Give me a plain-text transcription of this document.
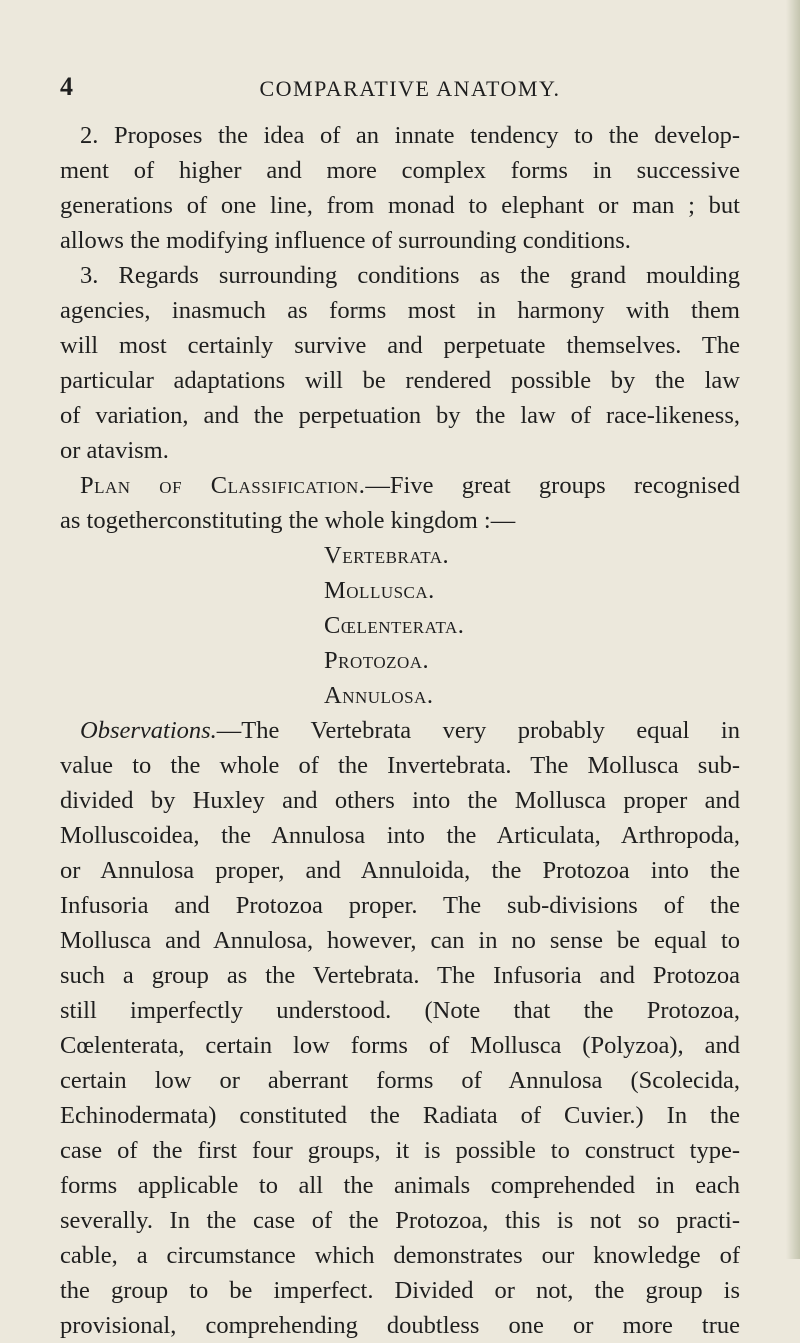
4	COMPARATIVE ANATOMY.
2. Proposes the idea of an innate tendency to the develop-
ment of higher and more complex forms in successive
generations of one line, from monad to elephant or man ; but
allows the modifying influence of surrounding conditions.
3. Regards surrounding conditions as the grand moulding
agencies, inasmuch as forms most in harmony with them
will most certainly survive and perpetuate themselves. The
particular adaptations will be rendered possible by the law
of variation, and the perpetuation by the law of race-likeness,
or atavism.
Plan of Classification.—Five great groups recognised
as togetherconstituting the whole kingdom :—
Vertebrata.
Mollusca.
Cœlenterata.
Protozoa.
Annulosa.
Observations.—The Vertebrata very probably equal in
value to the whole of the Invertebrata. The Mollusca sub-
divided by Huxley and others into the Mollusca proper and
Molluscoidea, the Annulosa into the Articulata, Arthropoda,
or Annulosa proper, and Annuloida, the Protozoa into the
Infusoria and Protozoa proper. The sub-divisions of the
Mollusca and Annulosa, however, can in no sense be equal to
such a group as the Vertebrata. The Infusoria and Protozoa
still imperfectly understood. (Note that the Protozoa,
Cœlenterata, certain low forms of Mollusca (Polyzoa), and
certain low or aberrant forms of Annulosa (Scolecida,
Echinodermata) constituted the Radiata of Cuvier.) In the
case of the first four groups, it is possible to construct type-
forms applicable to all the animals comprehended in each
severally. In the case of the Protozoa, this is not so practi-
cable, a circumstance which demonstrates our knowledge of
the group to be imperfect. Divided or not, the group is
provisional, comprehending doubtless one or more true
